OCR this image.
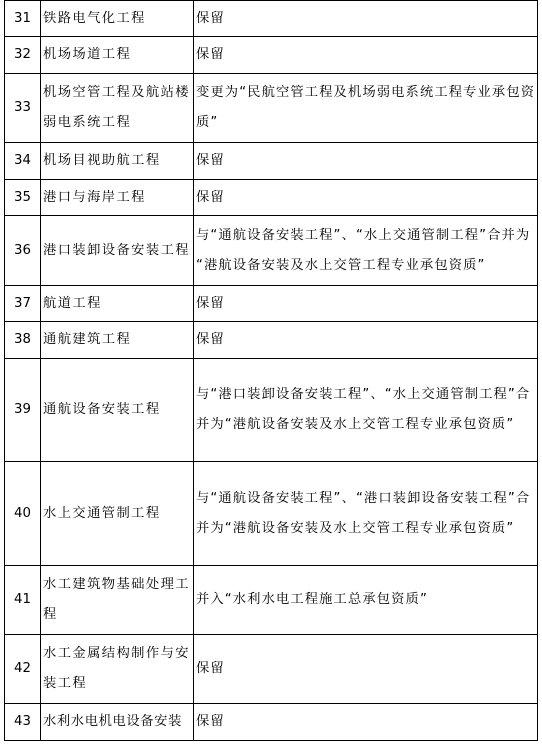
31	铁路电气化工程	保留
32	机场场道工程	保留
33	机场空管工程及航站楼弱电系统工程	变更为“民航空管工程及机场弱电系统工程专业承包资质”
34	机场目视助航工程	保留
35	港口与海岸工程	保留
36	港口装卸设备安装工程	与“通航设备安装工程”、“水上交通管制工程”合并为 “港航设备安装及水上交管工程专业承包资质”
37	航道工程	保留
38	通航建筑工程	保留
39	通航设备安装工程	与“港口装卸设备安装工程”、“水上交通管制工程”合并为“港航设备安装及水上交管工程专业承包资质”
40	水上交通管制工程	与“通航设备安装工程”、“港口装卸设备安装工程”合并为“港航设备安装及水上交管工程专业承包资质”
41	水工建筑物基础处理工程	并入“水利水电工程施工总承包资质”
42	水工金属结构制作与安装工程	保留
43	水利水电机电设备安装	保留
